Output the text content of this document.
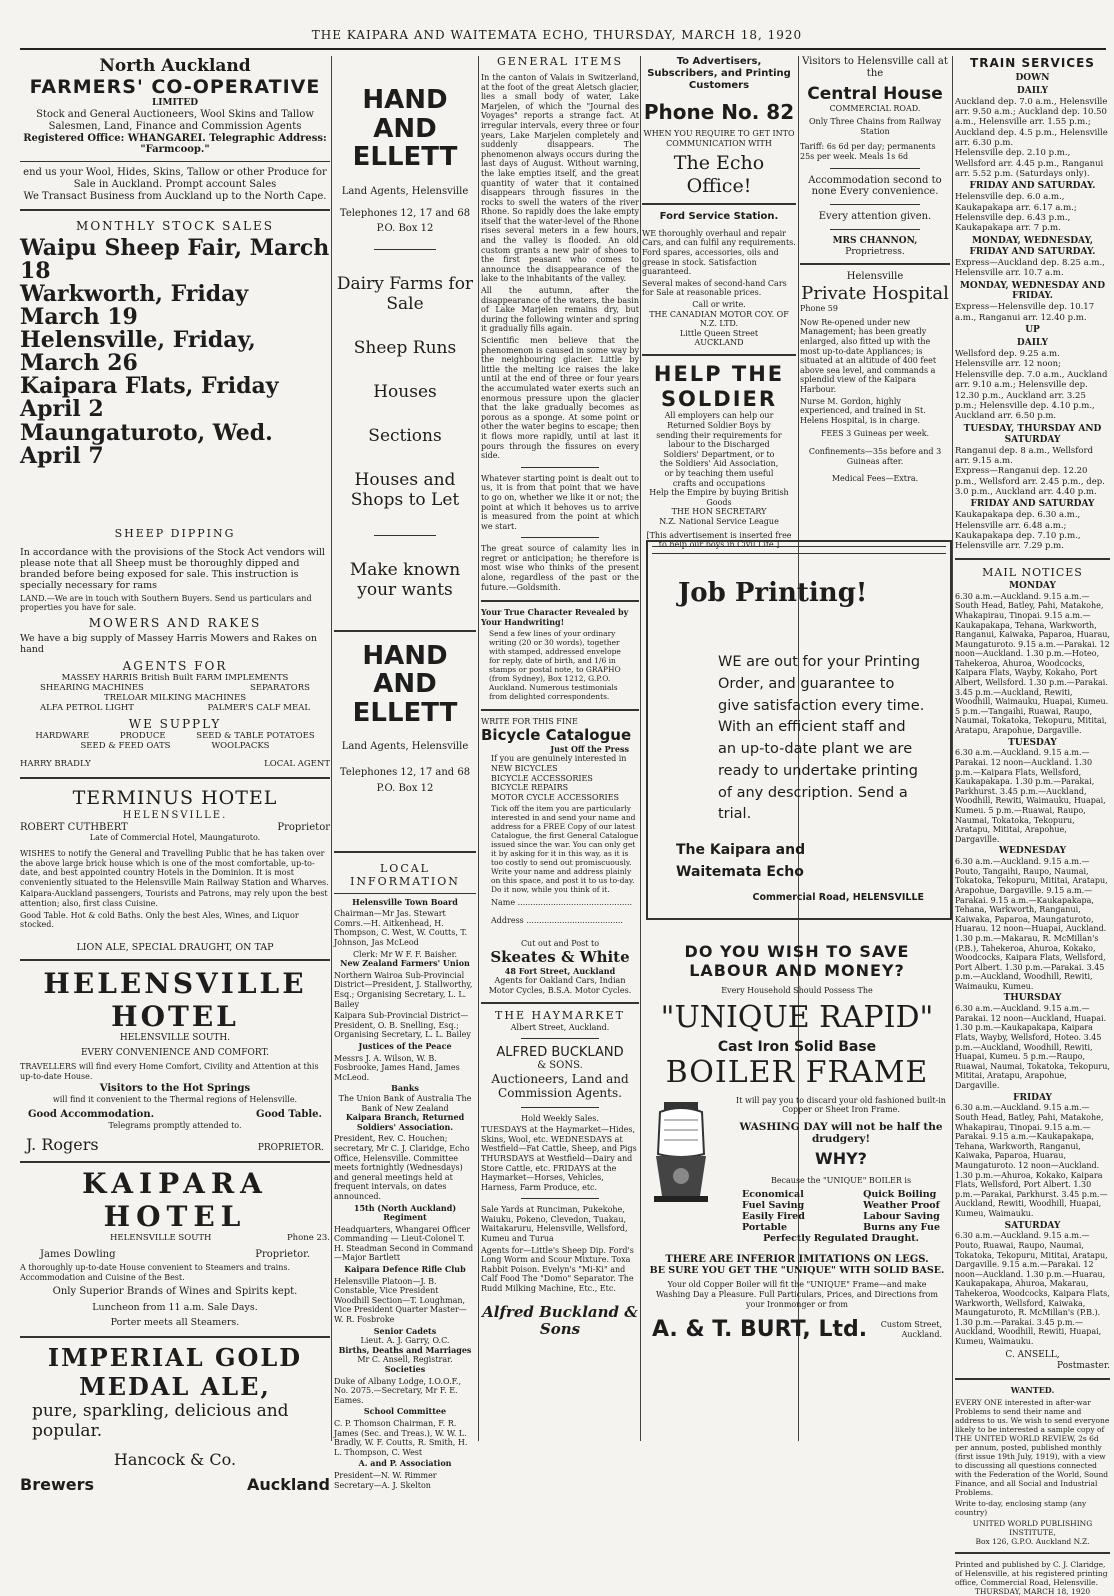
THE KAIPARA AND WAITEMATA ECHO, THURSDAY, MARCH 18, 1920
North Auckland
FARMERS' CO-OPERATIVE
LIMITED
Stock and General Auctioneers, Wool Skins and Tallow Salesmen, Land, Finance and Commission Agents
Registered Office: WHANGAREI. Telegraphic Address: "Farmcoop."
end us your Wool, Hides, Skins, Tallow or other Produce for Sale in Auckland. Prompt account Sales
We Transact Business from Auckland up to the North Cape.
MONTHLY STOCK SALES
Waipu Sheep Fair, March 18
Warkworth, Friday March 19
Helensville, Friday, March 26
Kaipara Flats, Friday April 2
Maungaturoto, Wed. April 7
SHEEP DIPPING
In accordance with the provisions of the Stock Act vendors will please note that all Sheep must be thoroughly dipped and branded before being exposed for sale. This instruction is specially necessary for rams
LAND.—We are in touch with Southern Buyers. Send us particulars and properties you have for sale.
MOWERS AND RAKES
We have a big supply of Massey Harris Mowers and Rakes on hand
AGENTS FOR
MASSEY HARRIS British Built FARM IMPLEMENTS
SHEARING MACHINES	SEPARATORS
TRELOAR MILKING MACHINES
ALFA PETROL LIGHT	PALMER'S CALF MEAL
WE SUPPLY
HARDWARE	PRODUCE	SEED & TABLE POTATOES
SEED & FEED OATS	WOOLPACKS
HARRY BRADLY	LOCAL AGENT
TERMINUS HOTEL
HELENSVILLE.
ROBERT CUTHBERT	Proprietor
Late of Commercial Hotel, Maungaturoto.
WISHES to notify the General and Travelling Public that he has taken over the above large brick house which is one of the most comfortable, up-to-date, and best appointed country Hotels in the Dominion. It is most conveniently situated to the Helensville Main Railway Station and Wharves.
Kaipara-Auckland passengers, Tourists and Patrons, may rely upon the best attention; also, first class Cuisine.
Good Table. Hot & cold Baths. Only the best Ales, Wines, and Liquor stocked.
LION ALE, SPECIAL DRAUGHT, ON TAP
HELENSVILLE HOTEL
HELENSVILLE SOUTH.
EVERY CONVENIENCE AND COMFORT.
TRAVELLERS will find every Home Comfort, Civility and Attention at this up-to-date House.
Visitors to the Hot Springs
will find it convenient to the Thermal regions of Helensville.
Good Accommodation.	Good Table.
Telegrams promptly attended to.
J. Rogers	PROPRIETOR.
KAIPARA HOTEL
HELENSVILLE SOUTH	Phone 23.
James Dowling	Proprietor.
A thoroughly up-to-date House convenient to Steamers and trains. Accommodation and Cuisine of the Best.
Only Superior Brands of Wines and Spirits kept.
Luncheon from 11 a.m. Sale Days.
Porter meets all Steamers.
IMPERIAL GOLD MEDAL ALE,
pure, sparkling, delicious and
popular.
Hancock & Co.
Brewers	Auckland
HAND AND
ELLETT
Land Agents, Helensville
Telephones 12, 17 and 68
P.O. Box 12
Dairy Farms for Sale
Sheep Runs
Houses
Sections
Houses and Shops to Let
Make known your wants
HAND AND
ELLETT
Land Agents, Helensville
Telephones 12, 17 and 68
P.O. Box 12
LOCAL INFORMATION
Helensville Town Board
Chairman—Mr Jas. Stewart Comrs.—H. Aitkenhead, H. Thompson, C. West, W. Coutts, T. Johnson, Jas McLeod
Clerk: Mr W F. F. Baisher.
New Zealand Farmers' Union
Northern Wairoa Sub-Provincial District—President, J. Stallworthy, Esq.; Organising Secretary, L. L. Bailey
Kaipara Sub-Provincial District—President, O. B. Snelling, Esq.; Organising Secretary, L. L. Bailey
Justices of the Peace
Messrs J. A. Wilson, W. B. Fosbrooke, James Hand, James McLeod.
Banks
The Union Bank of Australia The Bank of New Zealand
Kaipara Branch, Returned Soldiers' Association.
President, Rev. C. Houchen; secretary, Mr C. J. Claridge, Echo Office, Helensville. Committee meets fortnightly (Wednesdays) and general meetings held at frequent intervals, on dates announced.
15th (North Auckland) Regiment
Headquarters, Whangarei Officer Commanding — Lieut-Colonel T. H. Steadman Second in Command—Major Bartlett
Kaipara Defence Rifle Club
Helensville Platoon—J. B. Constable, Vice President Woodhill Section—T. Loughman, Vice President Quarter Master— W. R. Fosbroke
Senior Cadets
Lieut. A. J. Garry, O.C.
Births, Deaths and Marriages
Mr C. Ansell, Registrar.
Societies
Duke of Albany Lodge, I.O.O.F., No. 2075.—Secretary, Mr F. E. Eames.
School Committee
C. P. Thomson Chairman, F. R. James (Sec. and Treas.), W. W. L. Bradly, W. F. Coutts, R. Smith, H. L. Thompson, C. West
A. and P. Association
President—N. W. Rimmer Secretary—A. J. Skelton
GENERAL ITEMS
In the canton of Valais in Switzerland, at the foot of the great Aletsch glacier, lies a small body of water, Lake Marjelen, of which the "Journal des Voyages" reports a strange fact. At irregular intervals, every three or four years, Lake Marjelen completely and suddenly disappears. The phenomenon always occurs during the last days of August. Without warning, the lake empties itself, and the great quantity of water that it contained disappears through fissures in the rocks to swell the waters of the river Rhone. So rapidly does the lake empty itself that the water-level of the Rhone rises several meters in a few hours, and the valley is flooded. An old custom grants a new pair of shoes to the first peasant who comes to announce the disappearance of the lake to the inhabitants of the valley.
All the autumn, after the disappearance of the waters, the basin of Lake Marjelen remains dry, but during the following winter and spring it gradually fills again.
Scientific men believe that the phenomenon is caused in some way by the neighbouring glacier. Little by little the melting ice raises the lake until at the end of three or four years the accumulated water exerts such an enormous pressure upon the glacier that the lake gradually becomes as porous as a sponge. At some point or other the water begins to escape; then it flows more rapidly, until at last it pours through the fissures on every side.
Whatever starting point is dealt out to us, it is from that point that we have to go on, whether we like it or not; the point at which it behoves us to arrive is measured from the point at which we start.
The great source of calamity lies in regret or anticipation; he therefore is most wise who thinks of the present alone, regardless of the past or the future.—Goldsmith.
Your True Character Revealed by Your Handwriting!
Send a few lines of your ordinary writing (20 or 30 words), together with stamped, addressed envelope for reply, date of birth, and 1/6 in stamps or postal note, to GRAPHO (from Sydney), Box 1212, G.P.O. Auckland. Numerous testimonials from delighted correspondents.
WRITE FOR THIS FINE
Bicycle Catalogue
Just Off the Press
If you are genuinely interested in
NEW BICYCLES
BICYCLE ACCESSORIES
BICYCLE REPAIRS
MOTOR CYCLE ACCESSORIES
Tick off the item you are particularly interested in and send your name and address for a FREE Copy of our latest Catalogue, the first General Catalogue issued since the war. You can only get it by asking for it in this way, as it is too costly to send out promiscuously. Write your name and address plainly on this space, and post it to us to-day. Do it now, while you think of it.
Name .............................................
Address ......................................
Cut out and Post to
Skeates & White
48 Fort Street, Auckland
Agents for Oakland Cars, Indian Motor Cycles, B.S.A. Motor Cycles.
THE HAYMARKET
Albert Street, Auckland.
ALFRED BUCKLAND
& SONS.
Auctioneers, Land and Commission Agents.
Hold Weekly Sales.
TUESDAYS at the Haymarket—Hides, Skins, Wool, etc. WEDNESDAYS at Westfield—Fat Cattle, Sheep, and Pigs THURSDAYS at Westfield—Dairy and Store Cattle, etc. FRIDAYS at the Haymarket—Horses, Vehicles, Harness, Farm Produce, etc.
Sale Yards at Runciman, Pukekohe, Waiuku, Pokeno, Clevedon, Tuakau, Waitakaruru, Helensville, Wellsford, Kumeu and Turua
Agents for—Little's Sheep Dip. Ford's Long Worm and Scour Mixture. Toxa Rabbit Poison. Evelyn's "Mi-Ki" and Calf Food The "Domo" Separator. The Rudd Milking Machine, Etc., Etc.
Alfred Buckland & Sons
To Advertisers, Subscribers, and Printing Customers
Phone No. 82
WHEN YOU REQUIRE TO GET INTO COMMUNICATION WITH
The Echo Office!
Ford Service Station.
WE thoroughly overhaul and repair Cars, and can fulfil any requirements. Ford spares, accessories, oils and grease in stock. Satisfaction guaranteed.
Several makes of second-hand Cars for Sale at reasonable prices.
Call or write.
THE CANADIAN MOTOR COY. OF N.Z. LTD.
Little Queen Street
AUCKLAND
HELP THE
SOLDIER
All employers can help our Returned Soldier Boys by sending their requirements for labour to the Discharged Soldiers' Department, or to the Soldiers' Aid Association, or by teaching them useful crafts and occupations
Help the Empire by buying British Goods
THE HON SECRETARY
N.Z. National Service League
[This advertisement is inserted free to help our boys in Civil Life.]
Visitors to Helensville call at the
Central House
COMMERCIAL ROAD.
Only Three Chains from Railway Station
Tariff: 6s 6d per day; permanents 25s per week. Meals 1s 6d
Accommodation second to none Every convenience.
Every attention given.
MRS CHANNON,
Proprietress.
Helensville
Private Hospital
Phone 59
Now Re-opened under new Management; has been greatly enlarged, also fitted up with the most up-to-date Appliances; is situated at an altitude of 400 feet above sea level, and commands a splendid view of the Kaipara Harbour.
Nurse M. Gordon, highly experienced, and trained in St. Helens Hospital, is in charge.
FEES 3 Guineas per week.
Confinements—35s before and 3 Guineas after.
Medical Fees—Extra.
Job Printing!
WE are out for your Printing Order, and guarantee to give satisfaction every time. With an efficient staff and an up-to-date plant we are ready to undertake printing of any description. Send a trial.
The Kaipara and
Waitemata Echo
Commercial Road, HELENSVILLE
DO YOU WISH TO SAVE
LABOUR AND MONEY?
Every Household Should Possess The
"UNIQUE RAPID"
Cast Iron Solid Base
BOILER FRAME
It will pay you to discard your old fashioned built-in Copper or Sheet Iron Frame.
WASHING DAY will not be half the drudgery!
WHY?
Because the "UNIQUE" BOILER is
Economical
Fuel Saving
Easily Fired
Portable
Quick Boiling
Weather Proof
Labour Saving
Burns any Fue
Perfectly Regulated Draught.
THERE ARE INFERIOR IMITATIONS ON LEGS.
BE SURE YOU GET THE "UNIQUE" WITH SOLID BASE.
Your old Copper Boiler will fit the "UNIQUE" Frame—and make Washing Day a Pleasure. Full Particulars, Prices, and Directions from your Ironmonger or from
A. & T. BURT, Ltd.	Custom Street, Auckland.
TRAIN SERVICES
DOWN
DAILY
Auckland dep. 7.0 a.m., Helensville arr. 9.50 a.m.; Auckland dep. 10.50 a.m., Helensville arr. 1.55 p.m.; Auckland dep. 4.5 p.m., Helensville arr. 6.30 p.m.
Helensville dep. 2.10 p.m., Wellsford arr. 4.45 p.m., Ranganui arr. 5.52 p.m. (Saturdays only).
FRIDAY AND SATURDAY.
Helensville dep. 6.0 a.m., Kaukapakapa arr. 6.17 a.m.; Helensville dep. 6.43 p.m., Kaukapakapa arr. 7 p.m.
MONDAY, WEDNESDAY, FRIDAY AND SATURDAY.
Express—Auckland dep. 8.25 a.m., Helensville arr. 10.7 a.m.
MONDAY, WEDNESDAY AND FRIDAY.
Express—Helensville dep. 10.17 a.m., Ranganui arr. 12.40 p.m.
UP
DAILY
Wellsford dep. 9.25 a.m. Helensville arr. 12 noon; Helensville dep. 7.0 a.m., Auckland arr. 9.10 a.m.; Helensville dep. 12.30 p.m., Auckland arr. 3.25 p.m.; Helensville dep. 4.10 p.m., Auckland arr. 6.50 p.m.
TUESDAY, THURSDAY AND SATURDAY
Ranganui dep. 8 a.m., Wellsford arr. 9.15 a.m.
Express—Ranganui dep. 12.20 p.m., Wellsford arr. 2.45 p.m., dep. 3.0 p.m., Auckland arr. 4.40 p.m.
FRIDAY AND SATURDAY
Kaukapakapa dep. 6.30 a.m., Helensville arr. 6.48 a.m.; Kaukapakapa dep. 7.10 p.m., Helensville arr. 7.29 p.m.
MAIL NOTICES
MONDAY
6.30 a.m.—Auckland. 9.15 a.m.—South Head, Batley, Pahi, Matakohe, Whakapirau, Tinopai. 9.15 a.m.—Kaukapakapa, Tehana, Warkworth, Ranganui, Kaiwaka, Paparoa, Huarau, Maungaturoto. 9.15 a.m.—Parakai. 12 noon—Auckland. 1.30 p.m.—Hoteo, Tahekeroa, Ahuroa, Woodcocks, Kaipara Flats, Wayby, Kokaho, Port Albert, Wellsford. 1.30 p.m.—Parakai. 3.45 p.m.—Auckland, Rewiti, Woodhill, Waimauku, Huapai, Kumeu. 5 p.m.—Tangaihi, Ruawai, Raupo, Naumai, Tokatoka, Tekopuru, Mititai, Aratapu, Arapohue, Dargaville.
TUESDAY
6.30 a.m.—Auckland. 9.15 a.m.—Parakai. 12 noon—Auckland. 1.30 p.m.—Kaipara Flats, Wellsford, Kaukapakapa. 1.30 p.m.—Parakai, Parkhurst. 3.45 p.m.—Auckland, Woodhill, Rewiti, Waimauku, Huapai, Kumeu. 5 p.m.—Ruawai, Raupo, Naumai, Tokatoka, Tekopuru, Aratapu, Mititai, Arapohue, Dargaville.
WEDNESDAY
6.30 a.m.—Auckland. 9.15 a.m.—Pouto, Tangaihi, Raupo, Naumai, Tokatoka, Tekopuru, Mititai, Aratapu, Arapohue, Dargaville. 9.15 a.m.—Parakai. 9.15 a.m.—Kaukapakapa, Tehana, Warkworth, Ranganui, Kaiwaka, Paparoa, Maungaturoto, Huarau. 12 noon—Huapai, Auckland. 1.30 p.m.—Makarau, R. McMillan's (P.B.), Tahekeroa, Ahuroa, Kokako, Woodcocks, Kaipara Flats, Wellsford, Port Albert. 1.30 p.m.—Parakai. 3.45 p.m.—Auckland, Woodhill, Rewiti, Waimauku, Kumeu.
THURSDAY
6.30 a.m.—Auckland. 9.15 a.m.—Parakai. 12 noon—Auckland, Huapai. 1.30 p.m.—Kaukapakapa, Kaipara Flats, Wayby, Wellsford, Hoteo. 3.45 p.m.—Auckland, Woodhill, Rewiti, Huapai, Kumeu. 5 p.m.—Raupo, Ruawai, Naumai, Tokatoka, Tekopuru, Mititai, Aratapu, Arapohue, Dargaville.
FRIDAY
6.30 a.m.—Auckland. 9.15 a.m.—South Head, Batley, Pahi, Matakohe, Whakapirau, Tinopai. 9.15 a.m.—Parakai. 9.15 a.m.—Kaukapakapa, Tehana, Warkworth, Ranganui, Kaiwaka, Paparoa, Huarau, Maungaturoto. 12 noon—Auckland. 1.30 p.m.—Ahuroa, Kokako, Kaipara Flats, Wellsford, Port Albert. 1.30 p.m.—Parakai, Parkhurst. 3.45 p.m.—Auckland, Rewiti, Woodhill, Huapai, Kumeu, Waimauku.
SATURDAY
6.30 a.m.—Auckland. 9.15 a.m.—Pouto, Ruawai, Raupo, Naumai, Tokatoka, Tekopuru, Mititai, Aratapu, Dargaville. 9.15 a.m.—Parakai. 12 noon—Auckland. 1.30 p.m.—Huarau, Kaukapakapa, Ahuroa, Makarau, Tahekeroa, Woodcocks, Kaipara Flats, Warkworth, Wellsford, Kaiwaka, Maungaturoto, R. McMillan's (P.B.). 1.30 p.m.—Parakai. 3.45 p.m.—Auckland, Woodhill, Rewiti, Huapai, Kumeu, Waimauku.
C. ANSELL,
Postmaster.
WANTED.
EVERY ONE interested in after-war Problems to send their name and address to us. We wish to send everyone likely to be interested a sample copy of THE UNITED WORLD REVIEW, 2s 6d per annum, posted, published monthly (first issue 19th July, 1919), with a view to discussing all questions connected with the Federation of the World, Sound Finance, and all Social and Industrial Problems.
Write to-day, enclosing stamp (any country)
UNITED WORLD PUBLISHING INSTITUTE,
Box 126, G.P.O. Auckland N.Z.
Printed and published by C. J. Claridge, of Helensville, at his registered printing office, Commercial Road, Helensville.
THURSDAY, MARCH 18, 1920
